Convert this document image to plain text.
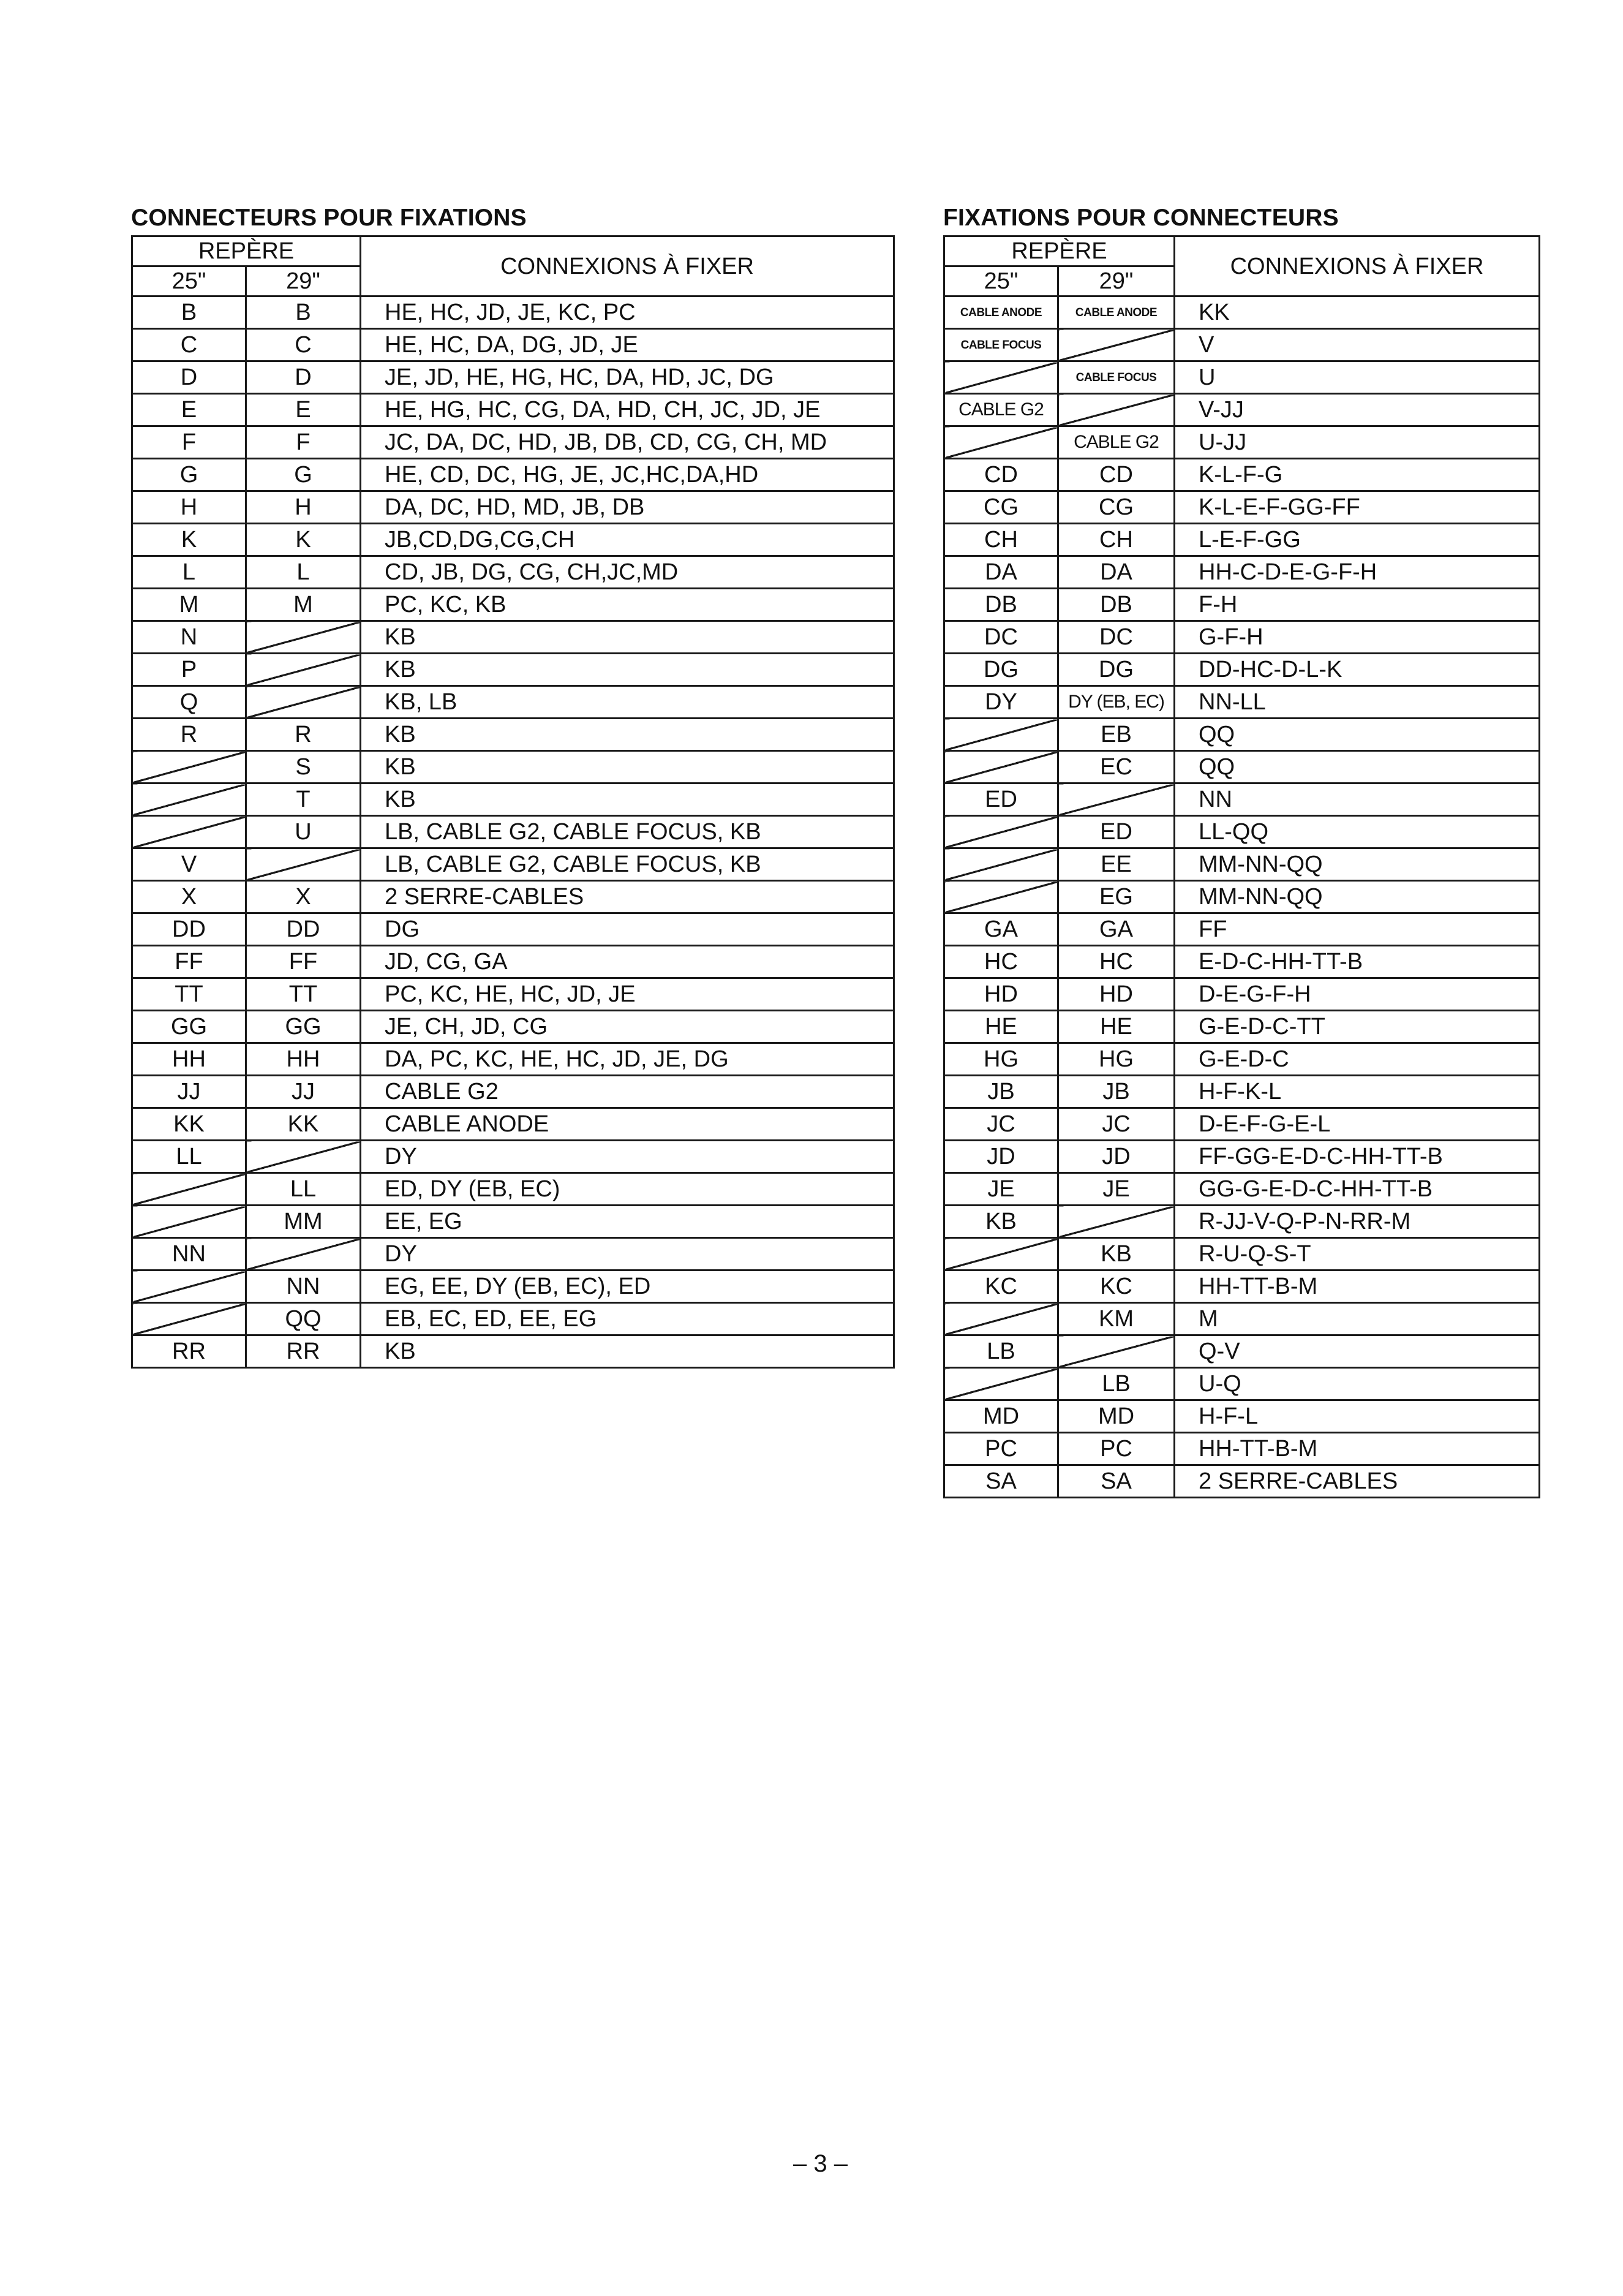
CONNECTEURS POUR FIXATIONS
REPÈRE		CONNEXIONS À FIXER
25"	29"	
B	B	HE, HC, JD, JE, KC, PC
C	C	HE, HC, DA, DG, JD, JE
D	D	JE, JD, HE, HG, HC, DA, HD, JC, DG
E	E	HE, HG, HC, CG, DA, HD, CH, JC, JD, JE
F	F	JC, DA, DC, HD, JB, DB, CD, CG, CH, MD
G	G	HE, CD, DC, HG, JE, JC,HC,DA,HD
H	H	DA, DC, HD, MD, JB, DB
K	K	JB,CD,DG,CG,CH
L	L	CD, JB, DG, CG, CH,JC,MD
M	M	PC, KC, KB
N		KB
P		KB
Q		KB, LB
R	R	KB
	S	KB
	T	KB
	U	LB, CABLE G2, CABLE FOCUS, KB
V		LB, CABLE G2, CABLE FOCUS, KB
X	X	2 SERRE-CABLES
DD	DD	DG
FF	FF	JD, CG, GA
TT	TT	PC, KC, HE, HC, JD, JE
GG	GG	JE, CH, JD, CG
HH	HH	DA, PC, KC, HE, HC, JD, JE, DG
JJ	JJ	CABLE G2
KK	KK	CABLE ANODE
LL		DY
	LL	ED, DY (EB, EC)
	MM	EE, EG
NN		DY
	NN	EG, EE, DY (EB, EC), ED
	QQ	EB, EC, ED, EE, EG
RR	RR	KB
FIXATIONS POUR CONNECTEURS
REPÈRE		CONNEXIONS À FIXER
25"	29"	
CABLE ANODE	CABLE ANODE	KK
CABLE FOCUS		V
	CABLE FOCUS	U
CABLE G2		V-JJ
	CABLE G2	U-JJ
CD	CD	K-L-F-G
CG	CG	K-L-E-F-GG-FF
CH	CH	L-E-F-GG
DA	DA	HH-C-D-E-G-F-H
DB	DB	F-H
DC	DC	G-F-H
DG	DG	DD-HC-D-L-K
DY	DY (EB, EC)	NN-LL
	EB	QQ
	EC	QQ
ED		NN
	ED	LL-QQ
	EE	MM-NN-QQ
	EG	MM-NN-QQ
GA	GA	FF
HC	HC	E-D-C-HH-TT-B
HD	HD	D-E-G-F-H
HE	HE	G-E-D-C-TT
HG	HG	G-E-D-C
JB	JB	H-F-K-L
JC	JC	D-E-F-G-E-L
JD	JD	FF-GG-E-D-C-HH-TT-B
JE	JE	GG-G-E-D-C-HH-TT-B
KB		R-JJ-V-Q-P-N-RR-M
	KB	R-U-Q-S-T
KC	KC	HH-TT-B-M
	KM	M
LB		Q-V
	LB	U-Q
MD	MD	H-F-L
PC	PC	HH-TT-B-M
SA	SA	2 SERRE-CABLES
– 3 –
